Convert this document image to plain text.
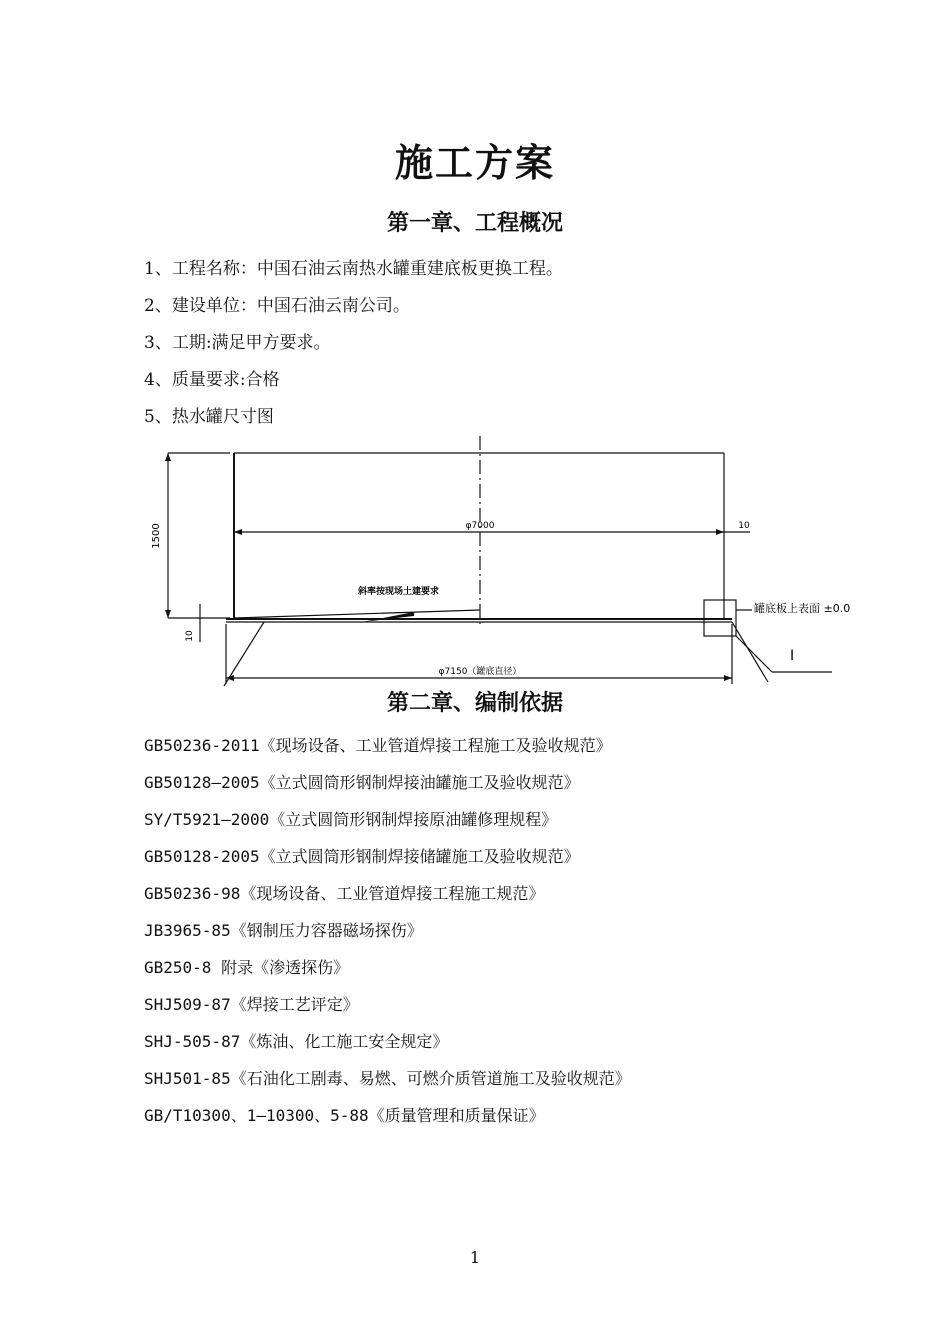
施工方案
第一章、工程概况
1、工程名称：中国石油云南热水罐重建底板更换工程。
2、建设单位：中国石油云南公司。
3、工期:满足甲方要求。
4、质量要求:合格
5、热水罐尺寸图
1500	φ7000	10
斜率按现场土建要求
罐底板上表面 ±0.0
10
φ7150（罐底直径）
I
第二章、编制依据
GB50236-2011《现场设备、工业管道焊接工程施工及验收规范》
GB50128—2005《立式圆筒形钢制焊接油罐施工及验收规范》
SY/T5921—2000《立式圆筒形钢制焊接原油罐修理规程》
GB50128-2005《立式圆筒形钢制焊接储罐施工及验收规范》
GB50236-98《现场设备、工业管道焊接工程施工规范》
JB3965-85《钢制压力容器磁场探伤》
GB250-8 附录《渗透探伤》
SHJ509-87《焊接工艺评定》
SHJ-505-87《炼油、化工施工安全规定》
SHJ501-85《石油化工剧毒、易燃、可燃介质管道施工及验收规范》
GB/T10300、1—10300、5-88《质量管理和质量保证》
1
